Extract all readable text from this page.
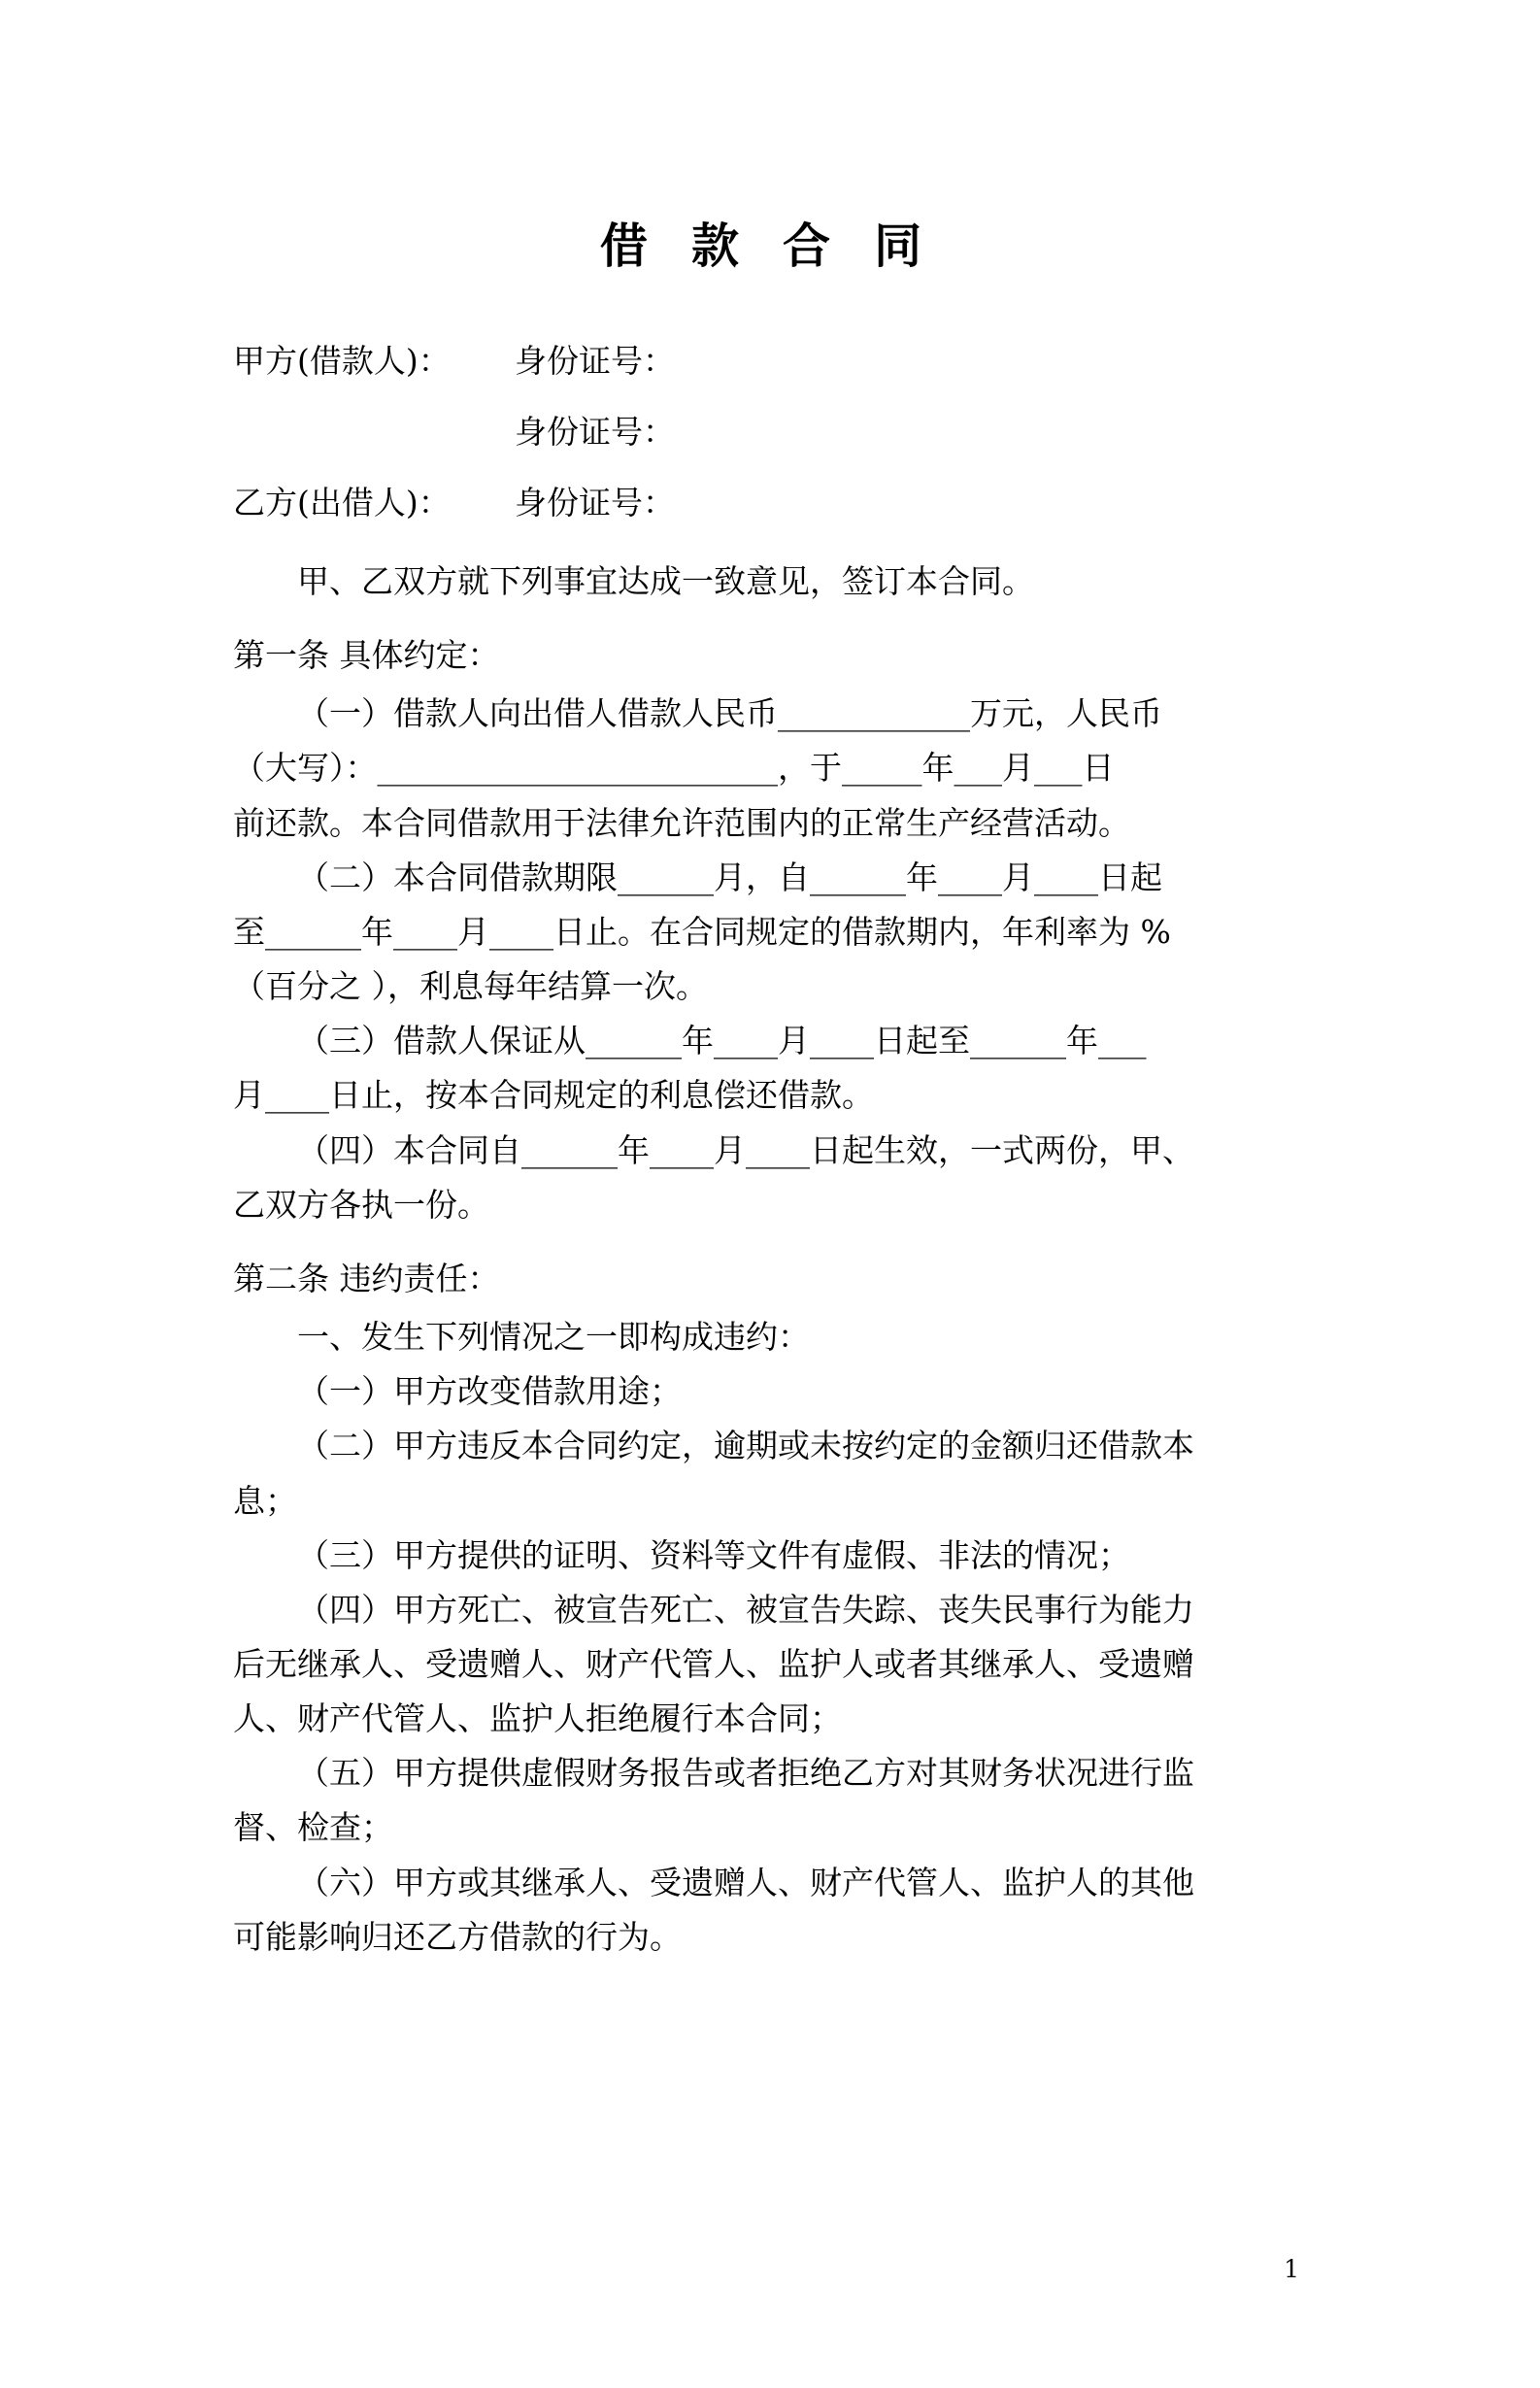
借 款 合 同
甲方(借款人)：	身份证号：
身份证号：
乙方(出借人)：	身份证号：

甲、乙双方就下列事宜达成一致意见，签订本合同。

第一条 具体约定：

（一）借款人向出借人借款人民币____________万元，人民币

（大写）：_________________________，于_____年___月___日

前还款。本合同借款用于法律允许范围内的正常生产经营活动。

（二）本合同借款期限______月，自______年____月____日起

至______年____月____日止。在合同规定的借款期内，年利率为 %

（百分之 ），利息每年结算一次。

（三）借款人保证从______年____月____日起至______年___

月____日止，按本合同规定的利息偿还借款。

（四）本合同自______年____月____日起生效，一式两份，甲、

乙双方各执一份。

第二条 违约责任：

一、发生下列情况之一即构成违约：

（一）甲方改变借款用途；

（二）甲方违反本合同约定，逾期或未按约定的金额归还借款本

息；

（三）甲方提供的证明、资料等文件有虚假、非法的情况；

（四）甲方死亡、被宣告死亡、被宣告失踪、丧失民事行为能力

后无继承人、受遗赠人、财产代管人、监护人或者其继承人、受遗赠

人、财产代管人、监护人拒绝履行本合同；

（五）甲方提供虚假财务报告或者拒绝乙方对其财务状况进行监

督、检查；

（六）甲方或其继承人、受遗赠人、财产代管人、监护人的其他

可能影响归还乙方借款的行为。

1
